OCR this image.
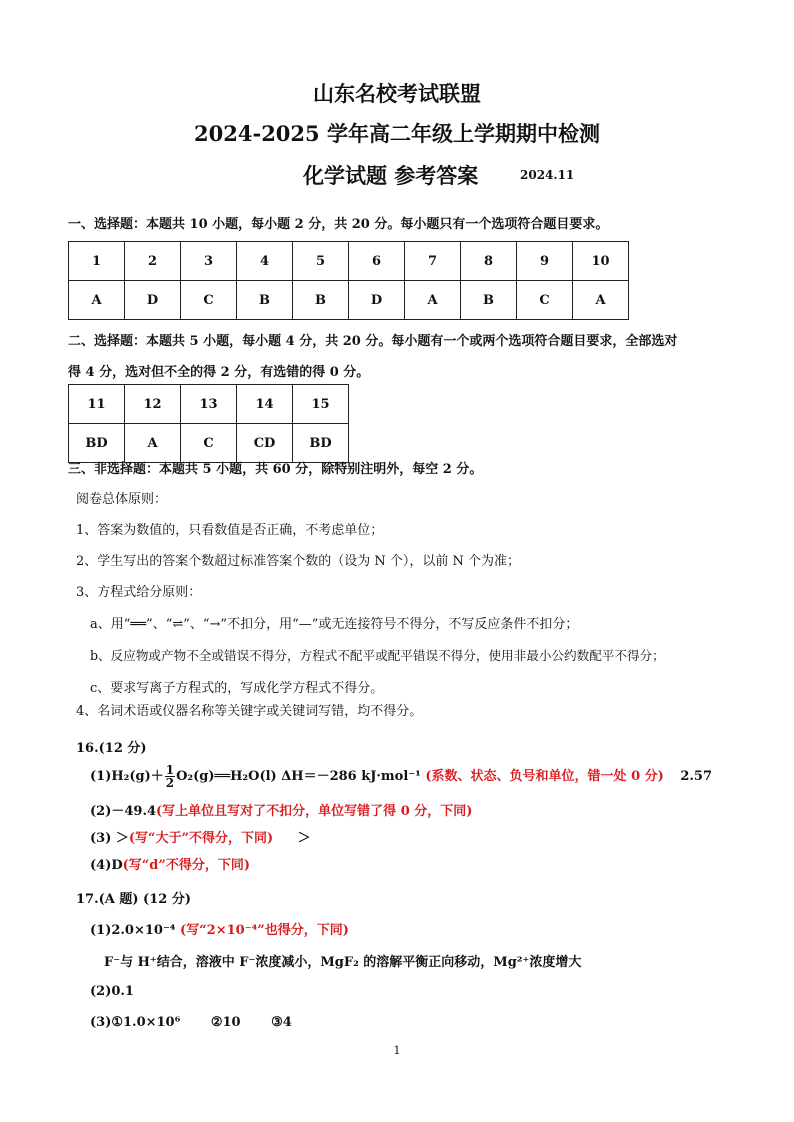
山东名校考试联盟
2024-2025 学年高二年级上学期期中检测
化学试题 参考答案	2024.11
一、选择题：本题共 10 小题，每小题 2 分，共 20 分。每小题只有一个选项符合题目要求。
1	2	3	4	5	6	7	8	9	10
A	D	C	B	B	D	A	B	C	A
二、选择题：本题共 5 小题，每小题 4 分，共 20 分。每小题有一个或两个选项符合题目要求，全部选对
得 4 分，选对但不全的得 2 分，有选错的得 0 分。
11	12	13	14	15
BD	A	C	CD	BD
三、非选择题：本题共 5 小题，共 60 分，除特别注明外，每空 2 分。
阅卷总体原则：
1、答案为数值的，只看数值是否正确，不考虑单位；
2、学生写出的答案个数超过标准答案个数的（设为 N 个），以前 N 个为准；
3、方程式给分原则：
a、用“══”、“⇌”、“→”不扣分，用“—”或无连接符号不得分，不写反应条件不扣分；
b、反应物或产物不全或错误不得分，方程式不配平或配平错误不得分，使用非最小公约数配平不得分；
c、要求写离子方程式的，写成化学方程式不得分。
4、名词术语或仪器名称等关键字或关键词写错，均不得分。
16.(12 分)
$(1)H_2(g)+ \frac{1}{2}$ O₂(g)══H₂O(l) ΔH＝－286 kJ·mol⁻¹ (系数、状态、负号和单位，错一处 0 分) 2.57
(2)－49.4(写上单位且写对了不扣分，单位写错了得 0 分，下同)
(3) ＞(写“大于”不得分，下同) ＞
(4)D(写“d”不得分，下同)
17.(A 题) (12 分)
(1)2.0×10⁻⁴ (写“2×10⁻⁴”也得分，下同)
F⁻与 H⁺结合，溶液中 F⁻浓度减小，MgF₂ 的溶解平衡正向移动，Mg²⁺浓度增大
(2)0.1
(3)①1.0×10⁶ ②10 ③4
1
